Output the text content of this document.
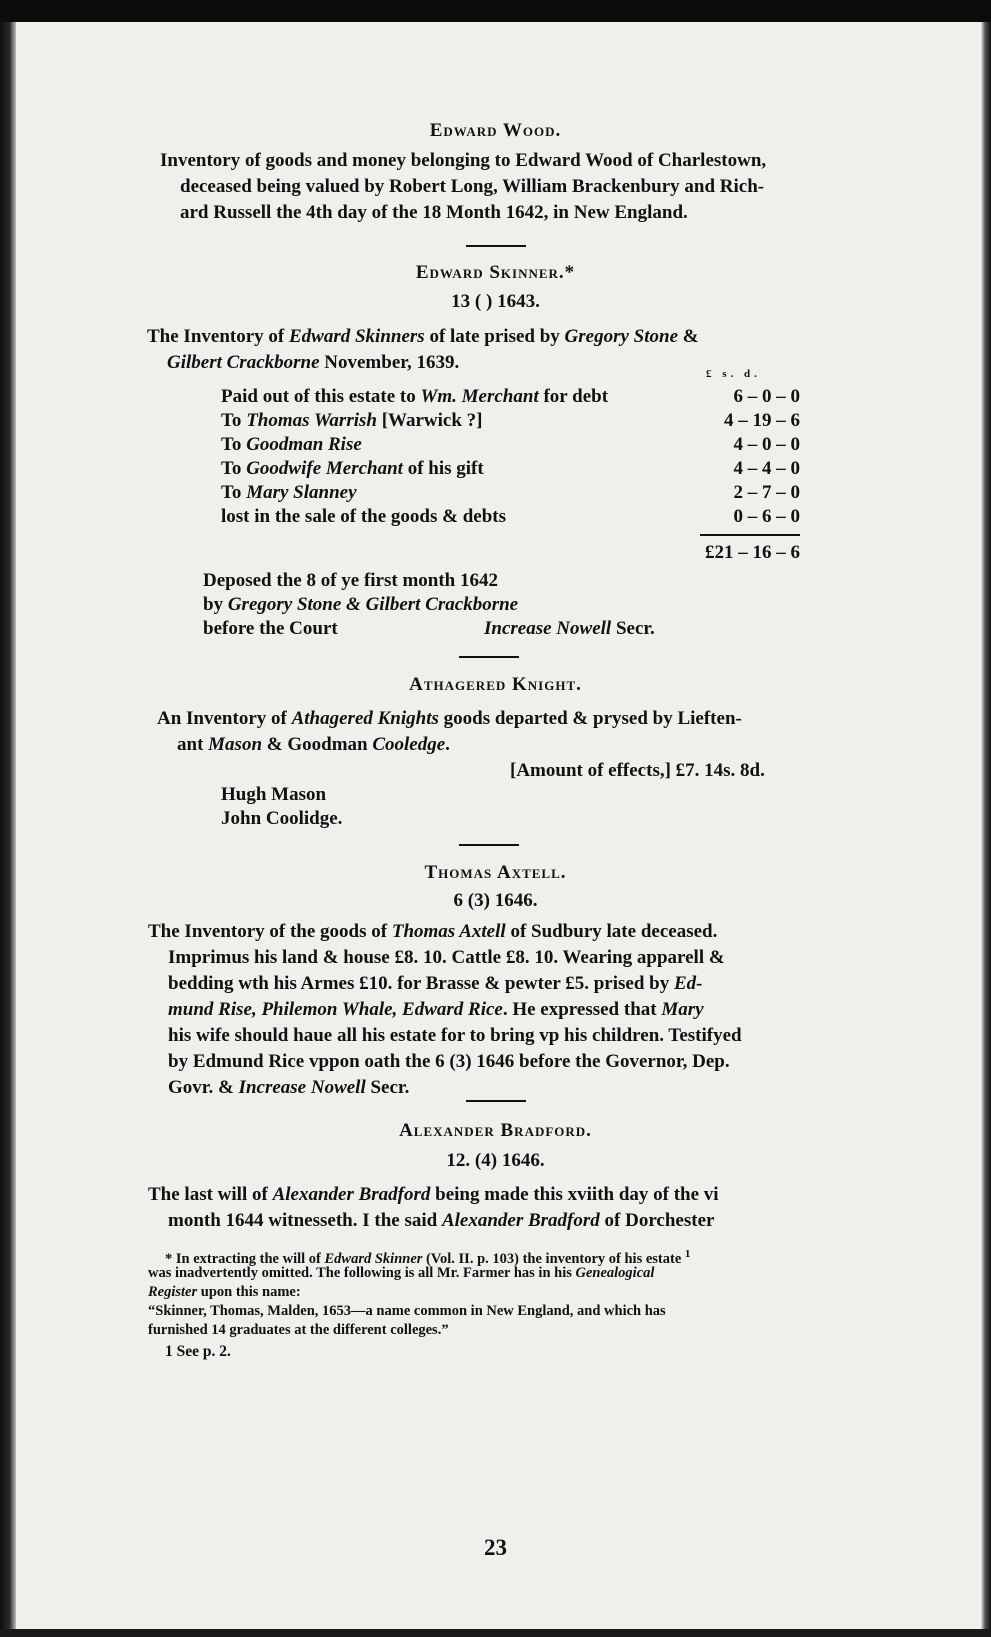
Edward Wood.
Inventory of goods and money belonging to Edward Wood of Charlestown,
deceased being valued by Robert Long, William Brackenbury and Rich-
ard Russell the 4th day of the 18 Month 1642, in New England.
Edward Skinner.*
13 ( ) 1643.
The Inventory of Edward Skinners of late prised by Gregory Stone &
Gilbert Crackborne November, 1639.
£ s. d.
Paid out of this estate to Wm. Merchant for debt	6 – 0 – 0
To Thomas Warrish [Warwick ?]	4 – 19 – 6
To Goodman Rise	4 – 0 – 0
To Goodwife Merchant of his gift	4 – 4 – 0
To Mary Slanney	2 – 7 – 0
lost in the sale of the goods & debts	0 – 6 – 0
£21 – 16 – 6
Deposed the 8 of ye first month 1642
by Gregory Stone & Gilbert Crackborne
before the Court	Increase Nowell Secr.
Athagered Knight.
An Inventory of Athagered Knights goods departed & prysed by Lieften-
ant Mason & Goodman Cooledge.
[Amount of effects,] £7. 14s. 8d.
Hugh Mason
John Coolidge.
Thomas Axtell.
6 (3) 1646.
The Inventory of the goods of Thomas Axtell of Sudbury late deceased.
Imprimus his land & house £8. 10. Cattle £8. 10. Wearing apparell &
bedding wth his Armes £10. for Brasse & pewter £5. prised by Ed-
mund Rise, Philemon Whale, Edward Rice. He expressed that Mary
his wife should haue all his estate for to bring vp his children. Testifyed
by Edmund Rice vppon oath the 6 (3) 1646 before the Governor, Dep.
Govr. & Increase Nowell Secr.
Alexander Bradford.
12. (4) 1646.
The last will of Alexander Bradford being made this xviith day of the vi
month 1644 witnesseth. I the said Alexander Bradford of Dorchester
* In extracting the will of Edward Skinner (Vol. II. p. 103) the inventory of his estate $^1$
was inadvertently omitted. The following is all Mr. Farmer has in his Genealogical
Register upon this name:
“Skinner, Thomas, Malden, 1653—a name common in New England, and which has
furnished 14 graduates at the different colleges.”
1 See p. 2.
23
